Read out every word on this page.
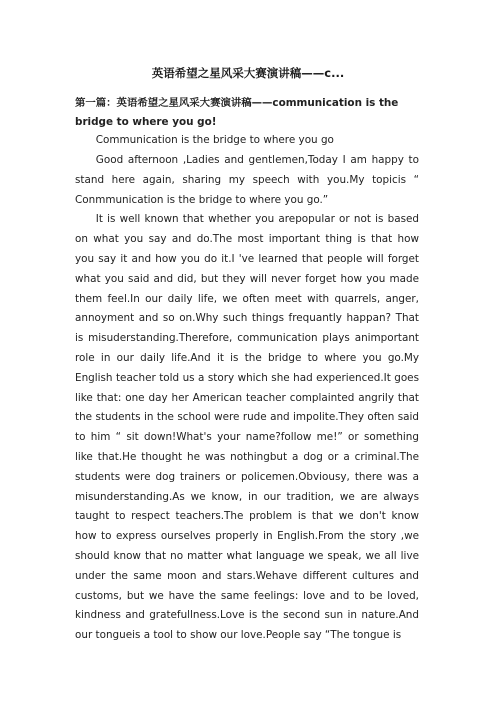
英语希望之星风采大赛演讲稿——c...

第一篇：英语希望之星风采大赛演讲稿——communication is the bridge to where you go!

Communication is the bridge to where you go

Good afternoon ,Ladies and gentlemen,Today I am happy to stand here again, sharing my speech with you.My topicis “ Conmmunication is the bridge to where you go.”

It is well known that whether you arepopular or not is based on what you say and do.The most important thing is that how you say it and how you do it.I 've learned that people will forget what you said and did, but they will never forget how you made them feel.In our daily life, we often meet with quarrels, anger, annoyment and so on.Why such things frequantly happan? That is misuderstanding.Therefore, communication plays animportant role in our daily life.And it is the bridge to where you go.My English teacher told us a story which she had experienced.It goes like that: one day her American teacher complainted angrily that the students in the school were rude and impolite.They often said to him “ sit down!What's your name?follow me!” or something like that.He thought he was nothingbut a dog or a criminal.The students were dog trainers or policemen.Obviousy, there was a misunderstanding.As we know, in our tradition, we are always taught to respect teachers.The problem is that we don't know how to express ourselves properly in English.From the story ,we should know that no matter what language we speak, we all live under the same moon and stars.Wehave different cultures and customs, but we have the same feelings: love and to be loved, kindness and gratefullness.Love is the second sun in nature.And our tongueis a tool to show our love.People say “The tongue is
